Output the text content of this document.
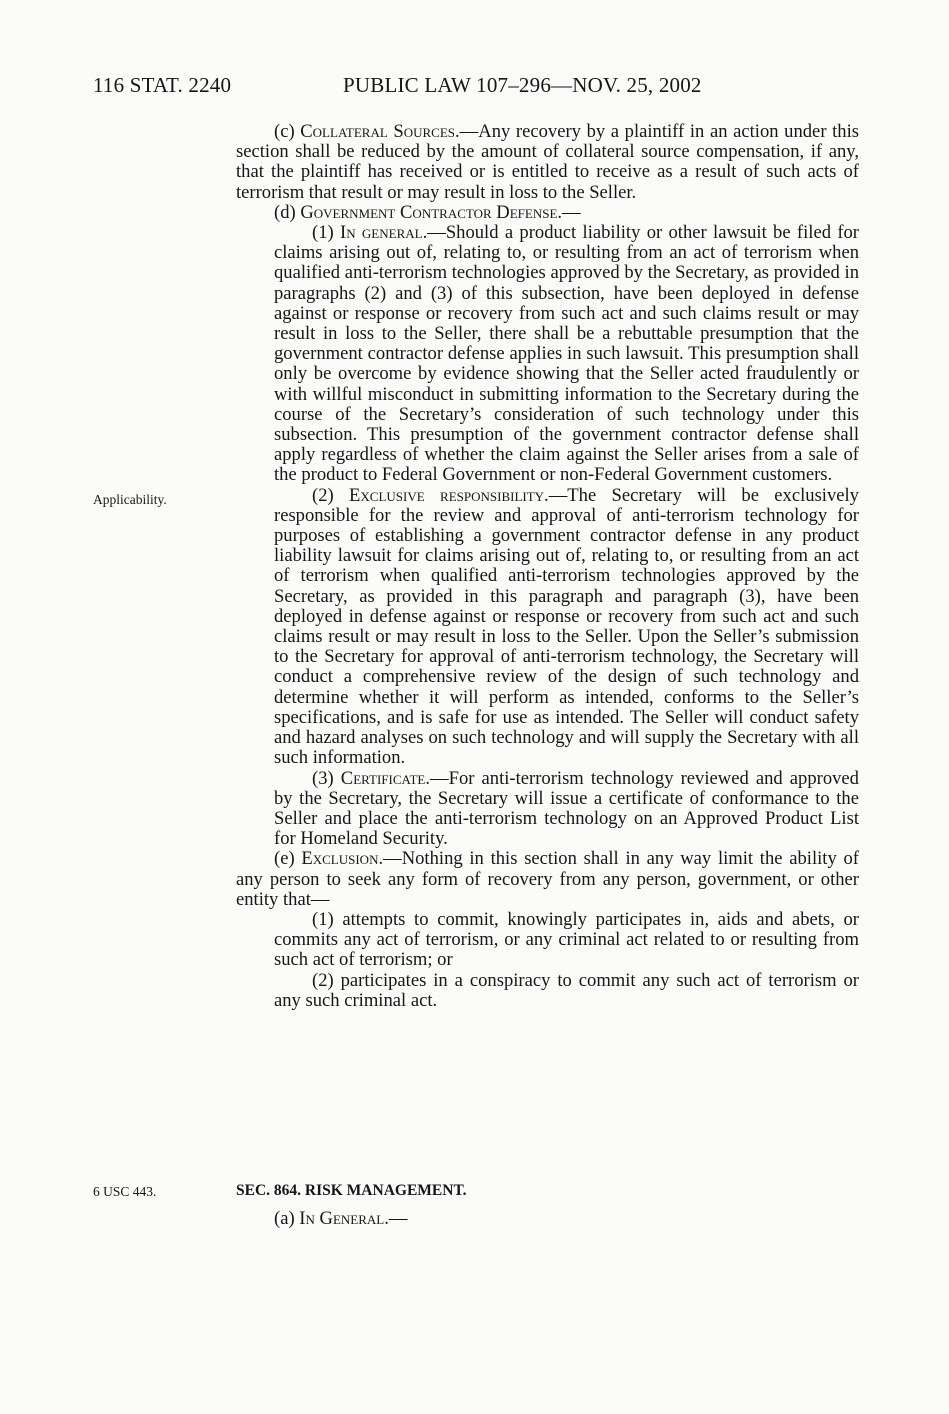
116 STAT. 2240	PUBLIC LAW 107–296—NOV. 25, 2002

(c) Collateral Sources.—Any recovery by a plaintiff in an action under this section shall be reduced by the amount of collateral source compensation, if any, that the plaintiff has received or is entitled to receive as a result of such acts of terrorism that result or may result in loss to the Seller.

(d) Government Contractor Defense.—

(1) In general.—Should a product liability or other lawsuit be filed for claims arising out of, relating to, or resulting from an act of terrorism when qualified anti-terrorism technologies approved by the Secretary, as provided in paragraphs (2) and (3) of this subsection, have been deployed in defense against or response or recovery from such act and such claims result or may result in loss to the Seller, there shall be a rebuttable presumption that the government contractor defense applies in such lawsuit. This presumption shall only be overcome by evidence showing that the Seller acted fraudulently or with willful misconduct in submitting information to the Secretary during the course of the Secretary’s consideration of such technology under this subsection. This presumption of the government contractor defense shall apply regardless of whether the claim against the Seller arises from a sale of the product to Federal Government or non-Federal Government customers.

(2) Exclusive responsibility.—The Secretary will be exclusively responsible for the review and approval of anti-terrorism technology for purposes of establishing a government contractor defense in any product liability lawsuit for claims arising out of, relating to, or resulting from an act of terrorism when qualified anti-terrorism technologies approved by the Secretary, as provided in this paragraph and paragraph (3), have been deployed in defense against or response or recovery from such act and such claims result or may result in loss to the Seller. Upon the Seller’s submission to the Secretary for approval of anti-terrorism technology, the Secretary will conduct a comprehensive review of the design of such technology and determine whether it will perform as intended, conforms to the Seller’s specifications, and is safe for use as intended. The Seller will conduct safety and hazard analyses on such technology and will supply the Secretary with all such information.

(3) Certificate.—For anti-terrorism technology reviewed and approved by the Secretary, the Secretary will issue a certificate of conformance to the Seller and place the anti-terrorism technology on an Approved Product List for Homeland Security.

(e) Exclusion.—Nothing in this section shall in any way limit the ability of any person to seek any form of recovery from any person, government, or other entity that—

(1) attempts to commit, knowingly participates in, aids and abets, or commits any act of terrorism, or any criminal act related to or resulting from such act of terrorism; or

(2) participates in a conspiracy to commit any such act of terrorism or any such criminal act.

Applicability.
6 USC 443.	SEC. 864. RISK MANAGEMENT.
(a) In General.—
